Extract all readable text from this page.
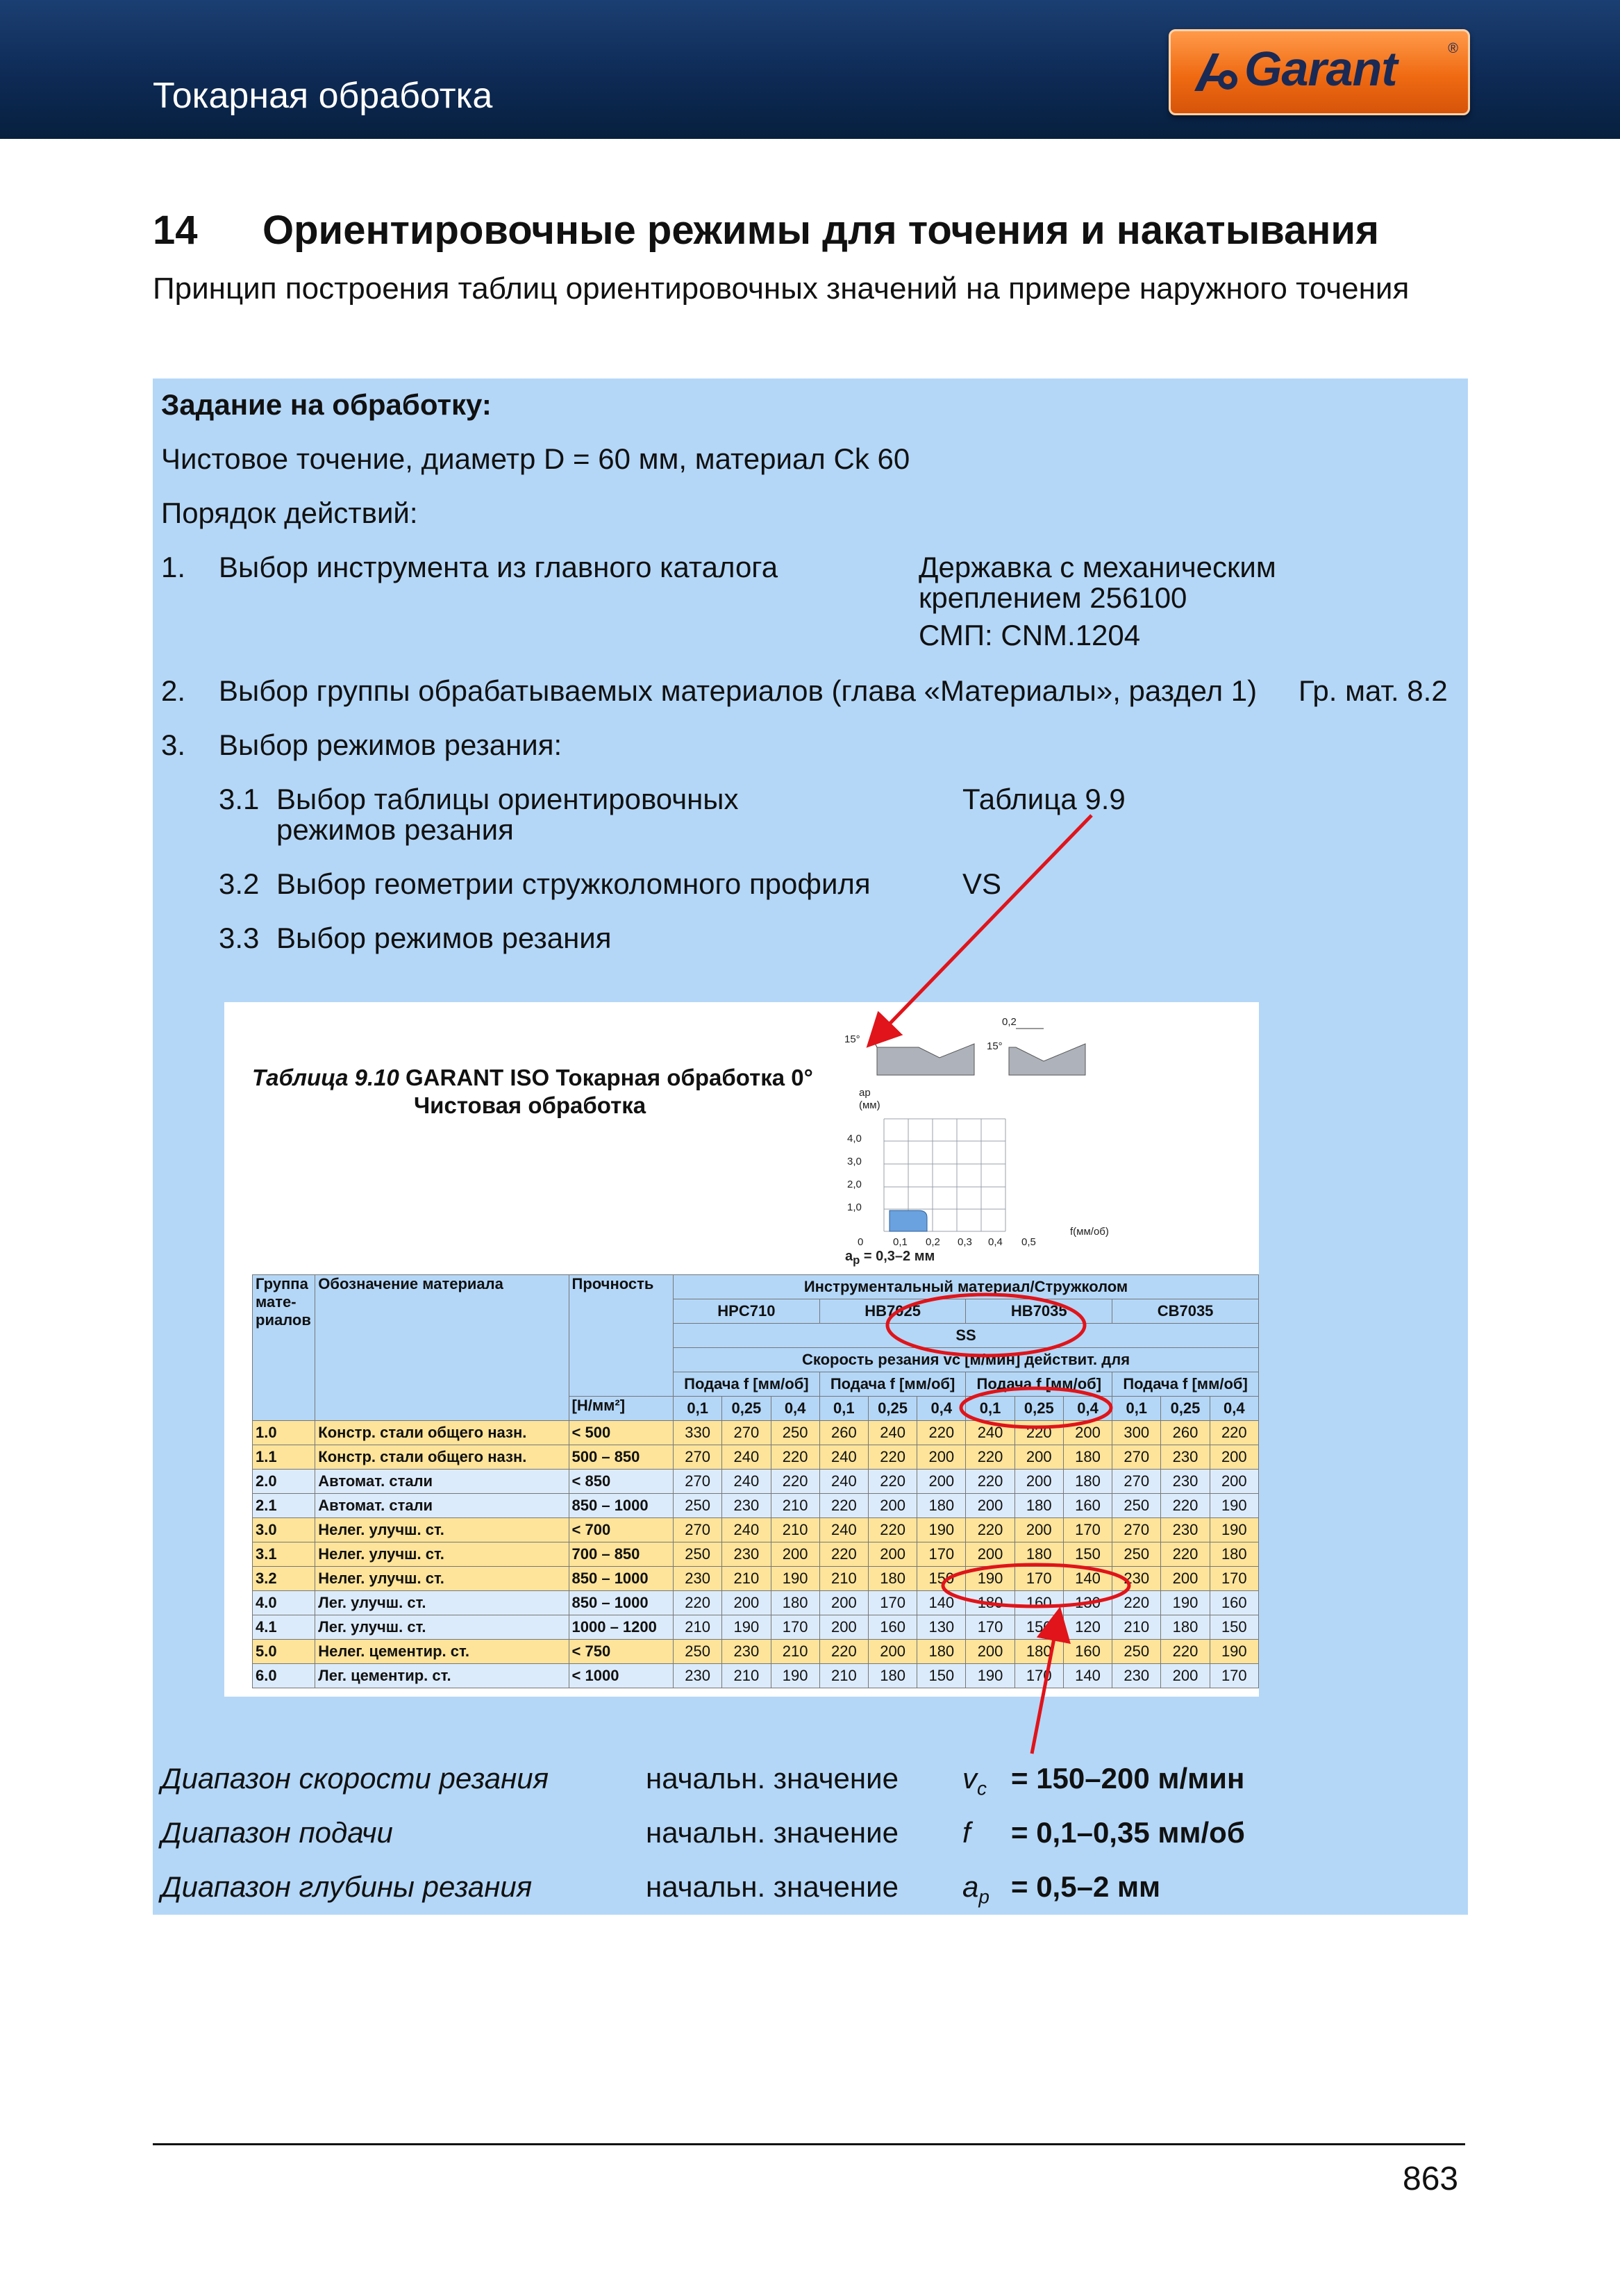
Токарная обработка	Garant	®
14 Ориентировочные режимы для точения и накатывания
Принцип построения таблиц ориентировочных значений на примере наружного точения
Задание на обработку:
Чистовое точение, диаметр D = 60 мм, материал Ck 60
Порядок действий:
1. Выбор инструмента из главного каталога	Державка с механическим
креплением 256100
СМП: CNM.1204
2. Выбор группы обрабатываемых материалов (глава «Материалы», раздел 1) Гр. мат. 8.2
3. Выбор режимов резания:
3.1 Выбор таблицы ориентировочных
режимов резания
Таблица 9.9
3.2 Выбор геометрии стружколомного профиля	VS
3.3 Выбор режимов резания
Таблица 9.10 GARANT ISO Токарная обработка 0°
Чистовая обработка
15°
15°
0,2
ap
(мм)
4,0
3,0
2,0
1,0
0	0,1 0,2 0,3 0,4 0,5
f(мм/об)
$a_p = 0,3-2$ мм
Группа мате-риалов	Обозначение материала	Прочность	Инструментальный материал/Стружколом											
			HPC710			HB7025			HB7035			CB7035		
			SS											
			Скорость резания vc [м/мин] действит. для											
			Подача f [мм/об]			Подача f [мм/об]			Подача f [мм/об]			Подача f [мм/об]		
		[Н/мм²]	0,1	0,25	0,4	0,1	0,25	0,4	0,1	0,25	0,4	0,1	0,25	0,4
1.0	Констр. стали общего назн.	< 500	330	270	250	260	240	220	240	220	200	300	260	220
1.1	Констр. стали общего назн.	500 – 850	270	240	220	240	220	200	220	200	180	270	230	200
2.0	Автомат. стали	< 850	270	240	220	240	220	200	220	200	180	270	230	200
2.1	Автомат. стали	850 – 1000	250	230	210	220	200	180	200	180	160	250	220	190
3.0	Нелег. улучш. ст.	< 700	270	240	210	240	220	190	220	200	170	270	230	190
3.1	Нелег. улучш. ст.	700 – 850	250	230	200	220	200	170	200	180	150	250	220	180
3.2	Нелег. улучш. ст.	850 – 1000	230	210	190	210	180	150	190	170	140	230	200	170
4.0	Лег. улучш. ст.	850 – 1000	220	200	180	200	170	140	180	160	130	220	190	160
4.1	Лег. улучш. ст.	1000 – 1200	210	190	170	200	160	130	170	150	120	210	180	150
5.0	Нелег. цементир. ст.	< 750	250	230	210	220	200	180	200	180	160	250	220	190
6.0	Лег. цементир. ст.	< 1000	230	210	190	210	180	150	190	170	140	230	200	170
Диапазон скорости резания	начальн. значение $v_c = 150-200$ м/мин
Диапазон подачи	начальн. значение f = 0,1–0,35 мм/об
Диапазон глубины резания	начальн. значение $a_p = 0,5-2$ мм
863
